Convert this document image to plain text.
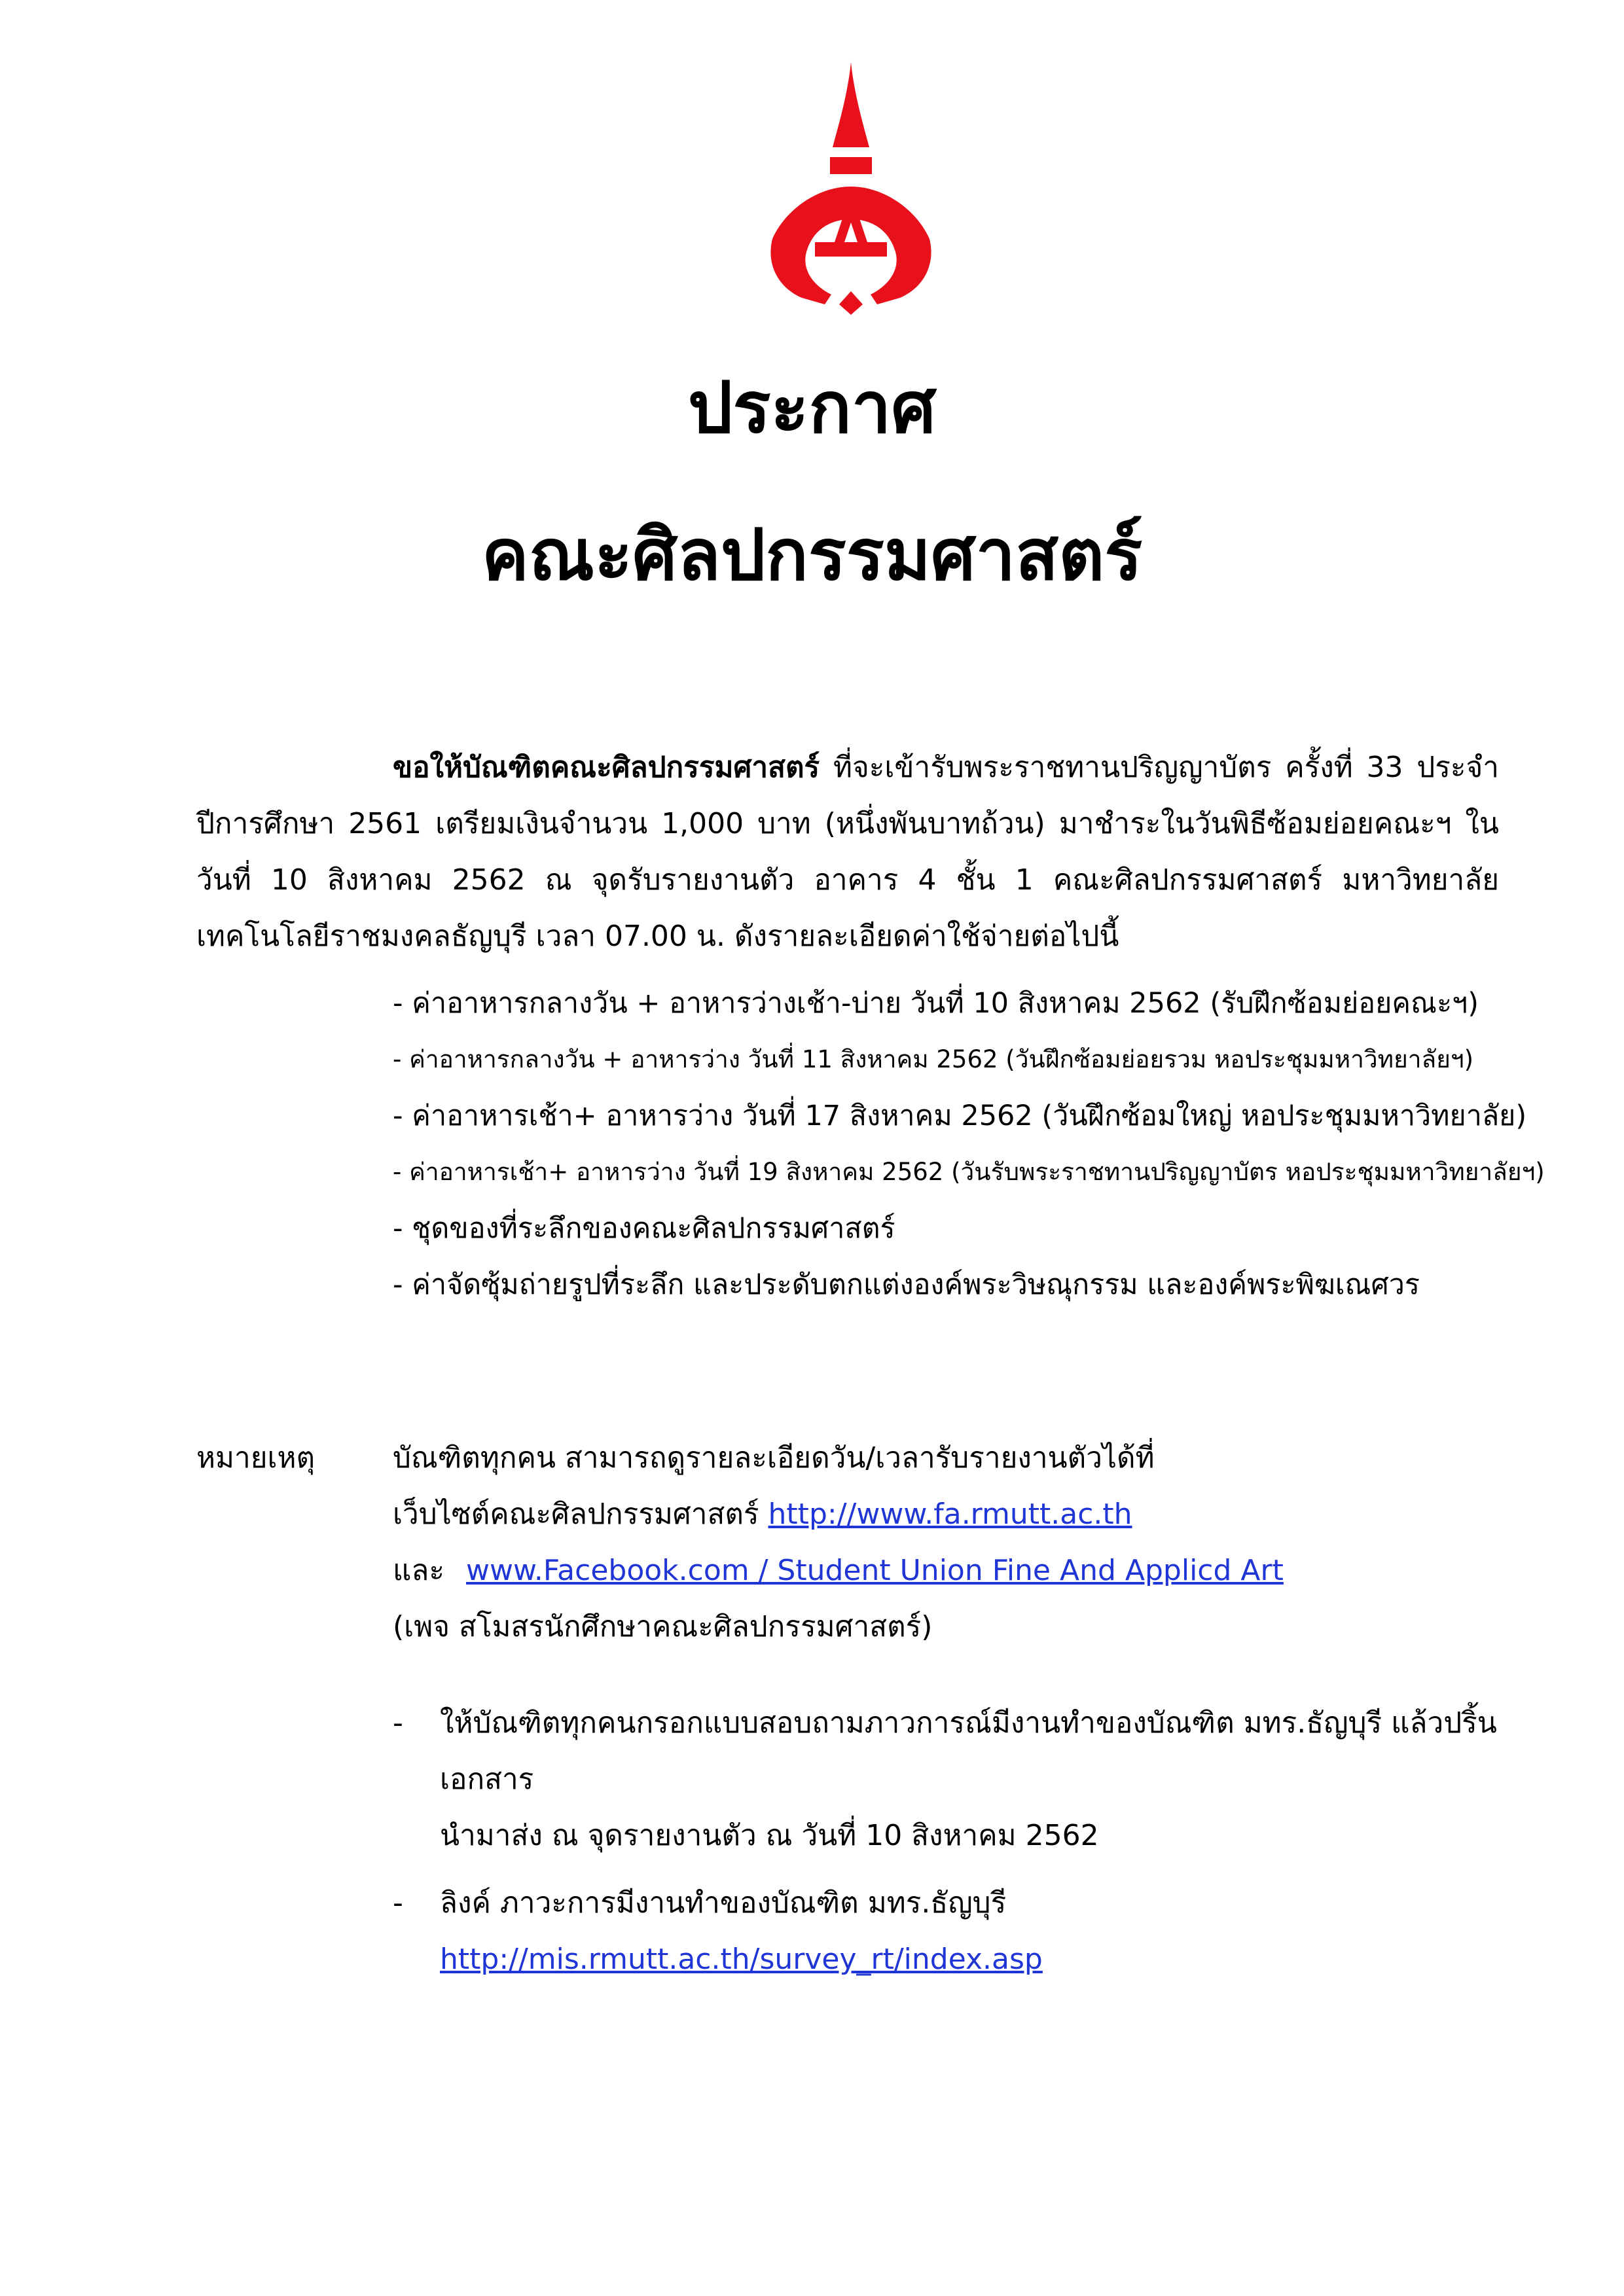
ประกาศ
คณะศิลปกรรมศาสตร์
ขอให้บัณฑิตคณะศิลปกรรมศาสตร์ ที่จะเข้ารับพระราชทานปริญญาบัตร ครั้งที่ 33 ประจำปีการศึกษา 2561 เตรียมเงินจำนวน 1,000 บาท (หนึ่งพันบาทถ้วน) มาชำระในวันพิธีซ้อมย่อยคณะฯ ในวันที่ 10 สิงหาคม 2562 ณ จุดรับรายงานตัว อาคาร 4 ชั้น 1 คณะศิลปกรรมศาสตร์ มหาวิทยาลัยเทคโนโลยีราชมงคลธัญบุรี เวลา 07.00 น. ดังรายละเอียดค่าใช้จ่ายต่อไปนี้
- ค่าอาหารกลางวัน + อาหารว่างเช้า-บ่าย วันที่ 10 สิงหาคม 2562 (รับฝึกซ้อมย่อยคณะฯ)
- ค่าอาหารกลางวัน + อาหารว่าง วันที่ 11 สิงหาคม 2562 (วันฝึกซ้อมย่อยรวม หอประชุมมหาวิทยาลัยฯ)
- ค่าอาหารเช้า+ อาหารว่าง วันที่ 17 สิงหาคม 2562 (วันฝึกซ้อมใหญ่ หอประชุมมหาวิทยาลัย)
- ค่าอาหารเช้า+ อาหารว่าง วันที่ 19 สิงหาคม 2562 (วันรับพระราชทานปริญญาบัตร หอประชุมมหาวิทยาลัยฯ)
- ชุดของที่ระลึกของคณะศิลปกรรมศาสตร์
- ค่าจัดซุ้มถ่ายรูปที่ระลึก และประดับตกแต่งองค์พระวิษณุกรรม และองค์พระพิฆเณศวร
หมายเหตุ	บัณฑิตทุกคน สามารถดูรายละเอียดวัน/เวลารับรายงานตัวได้ที่
เว็บไซต์คณะศิลปกรรมศาสตร์ http://www.fa.rmutt.ac.th
และ www.Facebook.com / Student Union Fine And Applicd Art
(เพจ สโมสรนักศึกษาคณะศิลปกรรมศาสตร์)
- ให้บัณฑิตทุกคนกรอกแบบสอบถามภาวการณ์มีงานทำของบัณฑิต มทร.ธัญบุรี แล้วปริ้นเอกสาร
นำมาส่ง ณ จุดรายงานตัว ณ วันที่ 10 สิงหาคม 2562
- ลิงค์ ภาวะการมีงานทำของบัณฑิต มทร.ธัญบุรี
http://mis.rmutt.ac.th/survey_rt/index.asp
